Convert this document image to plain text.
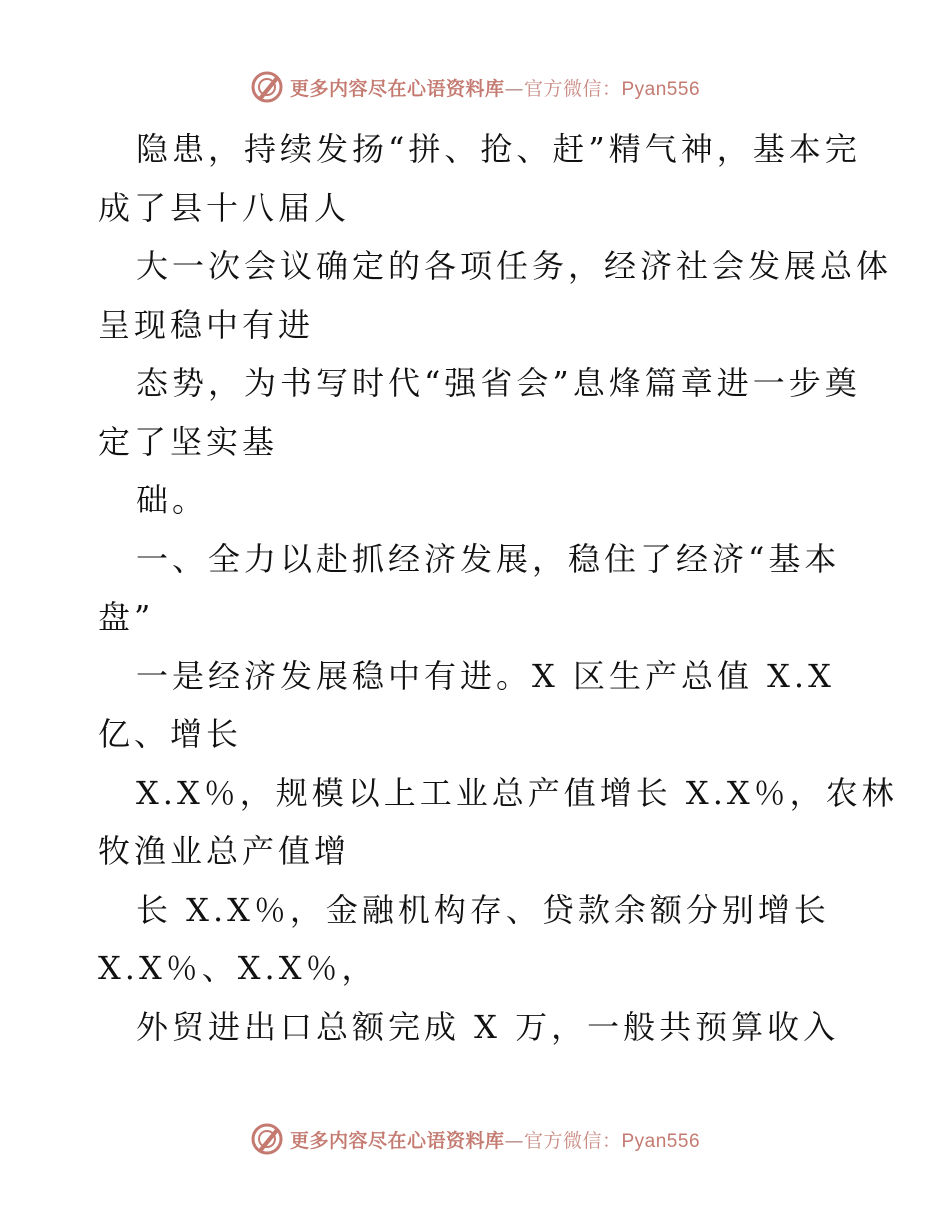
更多内容尽在心语资料库—官方微信：Pyan556
隐患，持续发扬“拼、抢、赶”精气神，基本完
成了县十八届人
大一次会议确定的各项任务，经济社会发展总体
呈现稳中有进
态势，为书写时代“强省会”息烽篇章进一步奠
定了坚实基
础。
一、全力以赴抓经济发展，稳住了经济“基本
盘”
一是经济发展稳中有进。X 区生产总值 X.X
亿、增长
X.X％，规模以上工业总产值增长 X.X％，农林
牧渔业总产值增
长 X.X％，金融机构存、贷款余额分别增长
X.X％、X.X％，
外贸进出口总额完成 X 万，一般共预算收入
更多内容尽在心语资料库—官方微信：Pyan556
